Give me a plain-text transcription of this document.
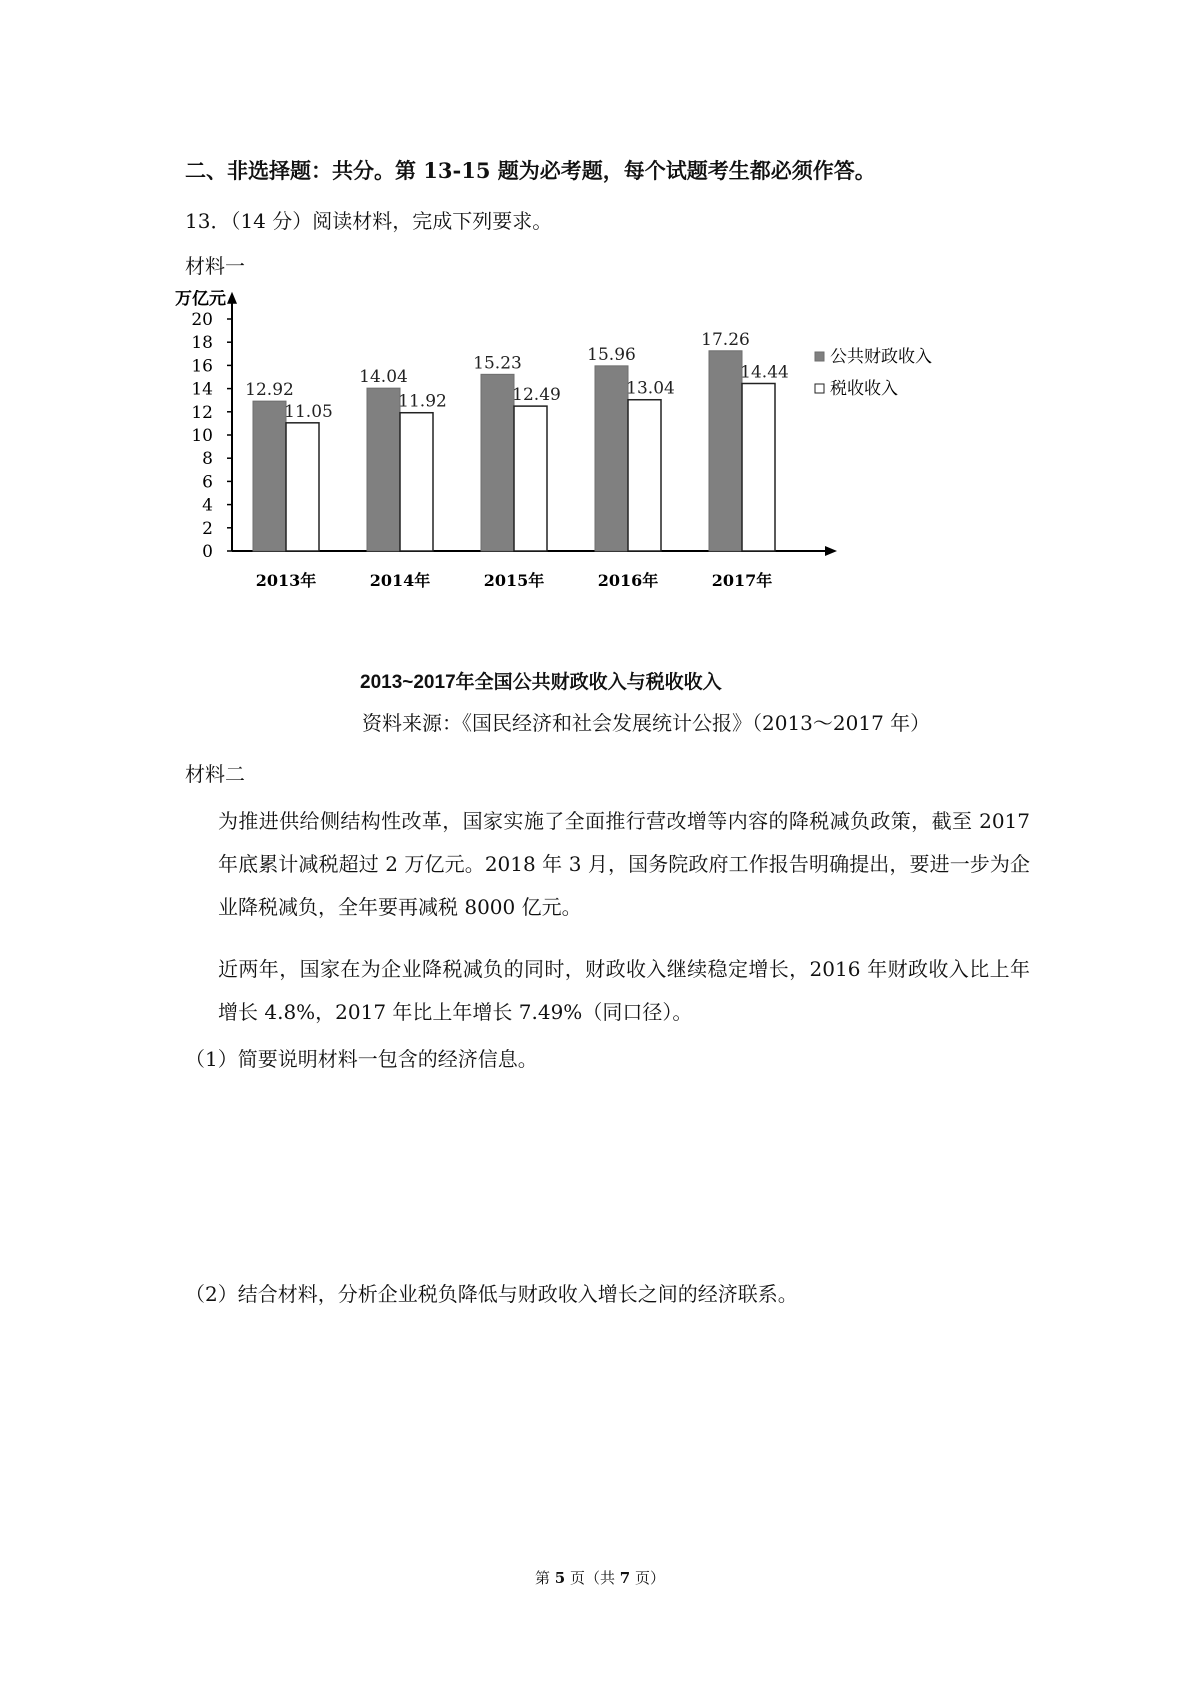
二、非选择题：共分。第 13-15 题为必考题，每个试题考生都必须作答。
13．（14 分）阅读材料，完成下列要求。
材料一
万亿元
0
2
4
6
8
10
12
14
16
18
20
2013年
12.92
11.05
2014年
14.04
11.92
2015年
15.23
12.49
2016年
15.96
13.04
2017年
17.26
14.44
公共财政收入
税收收入
2013~2017年全国公共财政收入与税收收入
资料来源：《国民经济和社会发展统计公报》（2013～2017 年）
材料二
为推进供给侧结构性改革，国家实施了全面推行营改增等内容的降税减负政策，截至 2017 年底累计减税超过 2 万亿元。2018 年 3 月，国务院政府工作报告明确提出，要进一步为企业降税减负，全年要再减税 8000 亿元。
近两年，国家在为企业降税减负的同时，财政收入继续稳定增长，2016 年财政收入比上年增长 4.8%，2017 年比上年增长 7.49%（同口径）。
（1）简要说明材料一包含的经济信息。
（2）结合材料，分析企业税负降低与财政收入增长之间的经济联系。
第 5 页（共 7 页）
